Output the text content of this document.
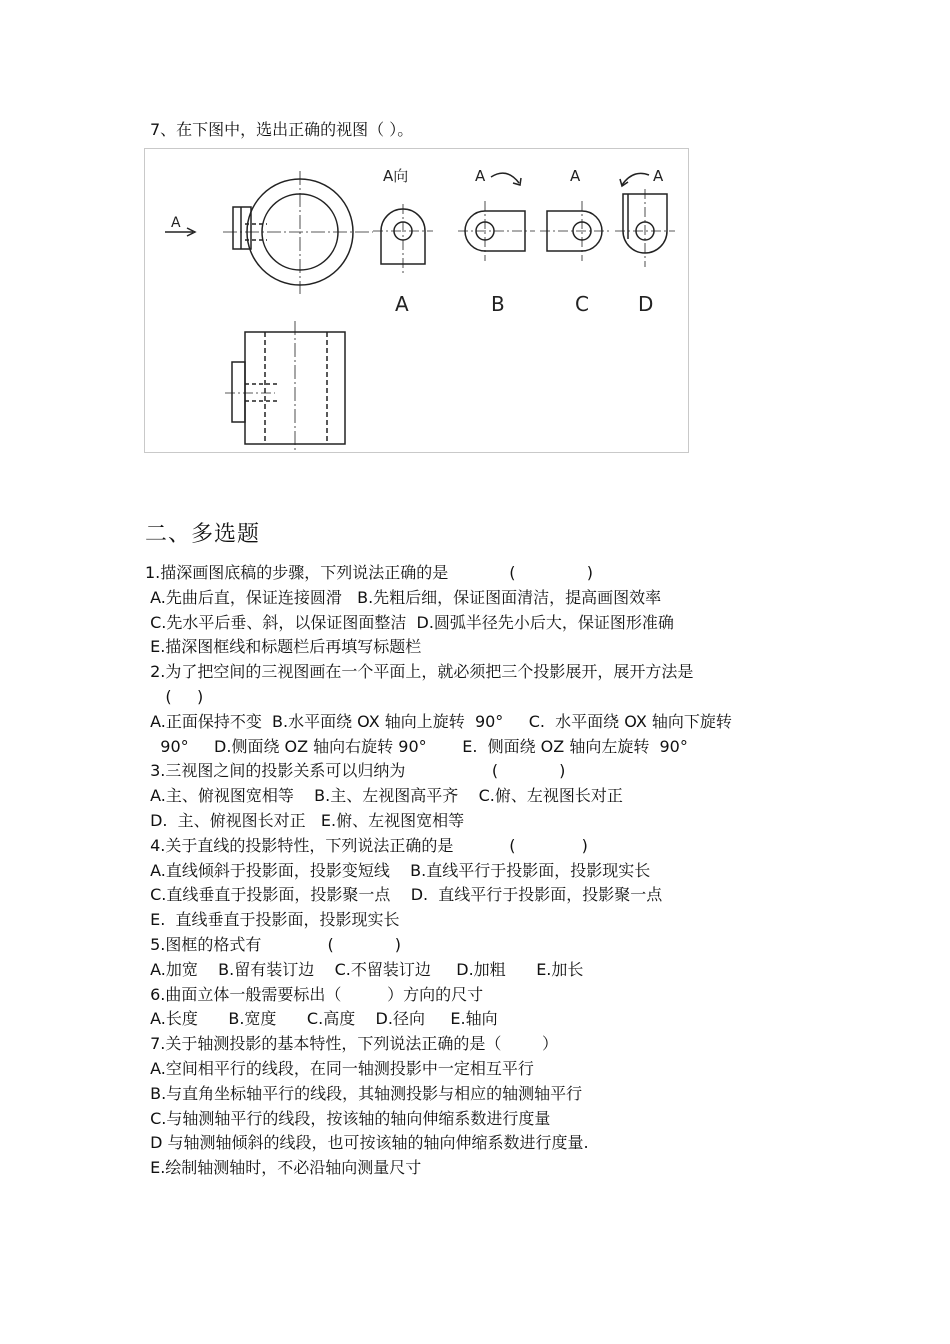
7、在下图中，选出正确的视图（ ）。
A
A向
A
A
B
A
C
A
D
二、多选题
1.描深画图底稿的步骤，下列说法正确的是            (              )
A.先曲后直，保证连接圆滑   B.先粗后细，保证图面清洁，提高画图效率
C.先水平后垂、斜，以保证图面整洁  D.圆弧半径先小后大，保证图形准确
E.描深图框线和标题栏后再填写标题栏
2.为了把空间的三视图画在一个平面上，就必须把三个投影展开，展开方法是
(     )
A.正面保持不变  B.水平面绕 OX 轴向上旋转  90°     C.  水平面绕 OX 轴向下旋转
90°     D.侧面绕 OZ 轴向右旋转 90°       E.  侧面绕 OZ 轴向左旋转  90°
3.三视图之间的投影关系可以归纳为                 (            )
A.主、俯视图宽相等    B.主、左视图高平齐    C.俯、左视图长对正
D.  主、俯视图长对正   E.俯、左视图宽相等
4.关于直线的投影特性，下列说法正确的是           (             )
A.直线倾斜于投影面，投影变短线    B.直线平行于投影面，投影现实长
C.直线垂直于投影面，投影聚一点    D.  直线平行于投影面，投影聚一点
E.  直线垂直于投影面，投影现实长
5.图框的格式有             (            )
A.加宽    B.留有装订边    C.不留装订边     D.加粗      E.加长
6.曲面立体一般需要标出（         ）方向的尺寸
A.长度      B.宽度      C.高度    D.径向     E.轴向
7.关于轴测投影的基本特性，下列说法正确的是（        ）
A.空间相平行的线段，在同一轴测投影中一定相互平行
B.与直角坐标轴平行的线段，其轴测投影与相应的轴测轴平行
C.与轴测轴平行的线段，按该轴的轴向伸缩系数进行度量
D 与轴测轴倾斜的线段，也可按该轴的轴向伸缩系数进行度量.
E.绘制轴测轴时，不必沿轴向测量尺寸
